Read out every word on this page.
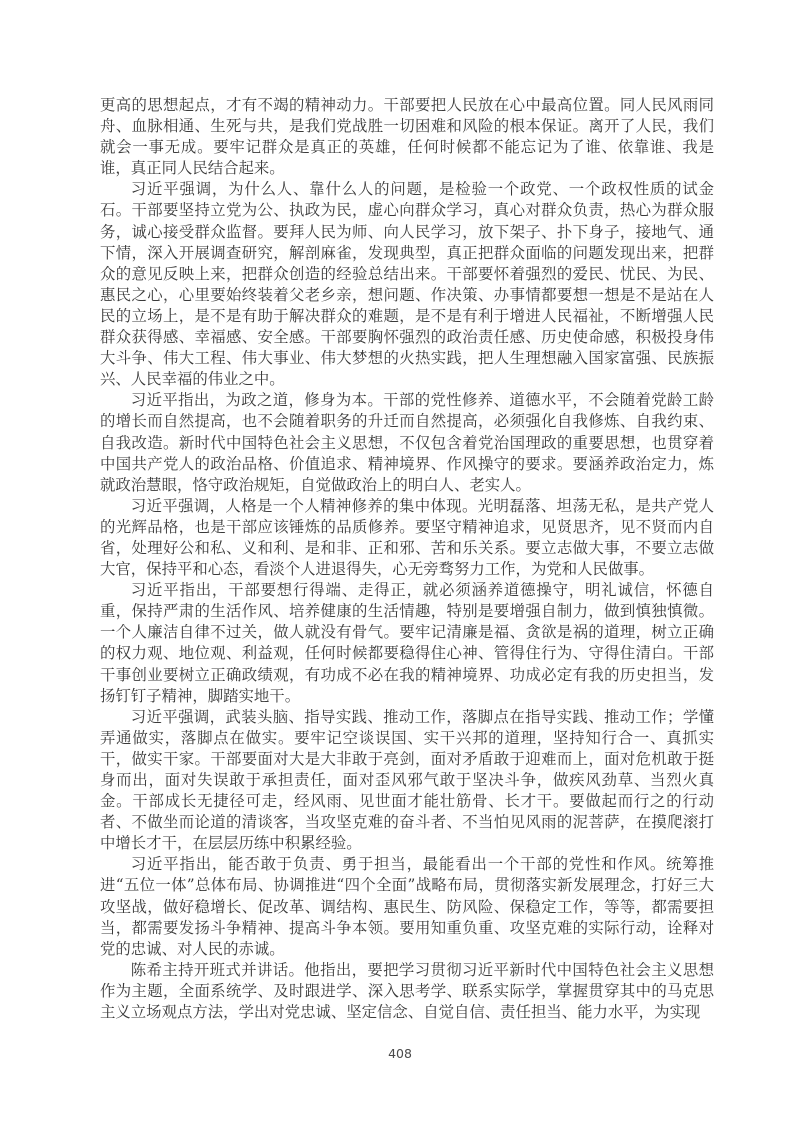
更高的思想起点，才有不竭的精神动力。干部要把人民放在心中最高位置。同人民风雨同舟、血脉相通、生死与共，是我们党战胜一切困难和风险的根本保证。离开了人民，我们就会一事无成。要牢记群众是真正的英雄，任何时候都不能忘记为了谁、依靠谁、我是谁，真正同人民结合起来。

习近平强调，为什么人、靠什么人的问题，是检验一个政党、一个政权性质的试金石。干部要坚持立党为公、执政为民，虚心向群众学习，真心对群众负责，热心为群众服务，诚心接受群众监督。要拜人民为师、向人民学习，放下架子、扑下身子，接地气、通下情，深入开展调查研究，解剖麻雀，发现典型，真正把群众面临的问题发现出来，把群众的意见反映上来，把群众创造的经验总结出来。干部要怀着强烈的爱民、忧民、为民、惠民之心，心里要始终装着父老乡亲，想问题、作决策、办事情都要想一想是不是站在人民的立场上，是不是有助于解决群众的难题，是不是有利于增进人民福祉，不断增强人民群众获得感、幸福感、安全感。干部要胸怀强烈的政治责任感、历史使命感，积极投身伟大斗争、伟大工程、伟大事业、伟大梦想的火热实践，把人生理想融入国家富强、民族振兴、人民幸福的伟业之中。

习近平指出，为政之道，修身为本。干部的党性修养、道德水平，不会随着党龄工龄的增长而自然提高，也不会随着职务的升迁而自然提高，必须强化自我修炼、自我约束、自我改造。新时代中国特色社会主义思想，不仅包含着党治国理政的重要思想，也贯穿着中国共产党人的政治品格、价值追求、精神境界、作风操守的要求。要涵养政治定力，炼就政治慧眼，恪守政治规矩，自觉做政治上的明白人、老实人。

习近平强调，人格是一个人精神修养的集中体现。光明磊落、坦荡无私，是共产党人的光辉品格，也是干部应该锤炼的品质修养。要坚守精神追求，见贤思齐，见不贤而内自省，处理好公和私、义和利、是和非、正和邪、苦和乐关系。要立志做大事，不要立志做大官，保持平和心态，看淡个人进退得失，心无旁骛努力工作，为党和人民做事。

习近平指出，干部要想行得端、走得正，就必须涵养道德操守，明礼诚信，怀德自重，保持严肃的生活作风、培养健康的生活情趣，特别是要增强自制力，做到慎独慎微。一个人廉洁自律不过关，做人就没有骨气。要牢记清廉是福、贪欲是祸的道理，树立正确的权力观、地位观、利益观，任何时候都要稳得住心神、管得住行为、守得住清白。干部干事创业要树立正确政绩观，有功成不必在我的精神境界、功成必定有我的历史担当，发扬钉钉子精神，脚踏实地干。

习近平强调，武装头脑、指导实践、推动工作，落脚点在指导实践、推动工作；学懂弄通做实，落脚点在做实。要牢记空谈误国、实干兴邦的道理，坚持知行合一、真抓实干，做实干家。干部要面对大是大非敢于亮剑，面对矛盾敢于迎难而上，面对危机敢于挺身而出，面对失误敢于承担责任，面对歪风邪气敢于坚决斗争，做疾风劲草、当烈火真金。干部成长无捷径可走，经风雨、见世面才能壮筋骨、长才干。要做起而行之的行动者、不做坐而论道的清谈客，当攻坚克难的奋斗者、不当怕见风雨的泥菩萨，在摸爬滚打中增长才干，在层层历练中积累经验。

习近平指出，能否敢于负责、勇于担当，最能看出一个干部的党性和作风。统筹推进“五位一体”总体布局、协调推进“四个全面”战略布局，贯彻落实新发展理念，打好三大攻坚战，做好稳增长、促改革、调结构、惠民生、防风险、保稳定工作，等等，都需要担当，都需要发扬斗争精神、提高斗争本领。要用知重负重、攻坚克难的实际行动，诠释对党的忠诚、对人民的赤诚。

陈希主持开班式并讲话。他指出，要把学习贯彻习近平新时代中国特色社会主义思想作为主题，全面系统学、及时跟进学、深入思考学、联系实际学，掌握贯穿其中的马克思主义立场观点方法，学出对党忠诚、坚定信念、自觉自信、责任担当、能力水平，为实现

408
